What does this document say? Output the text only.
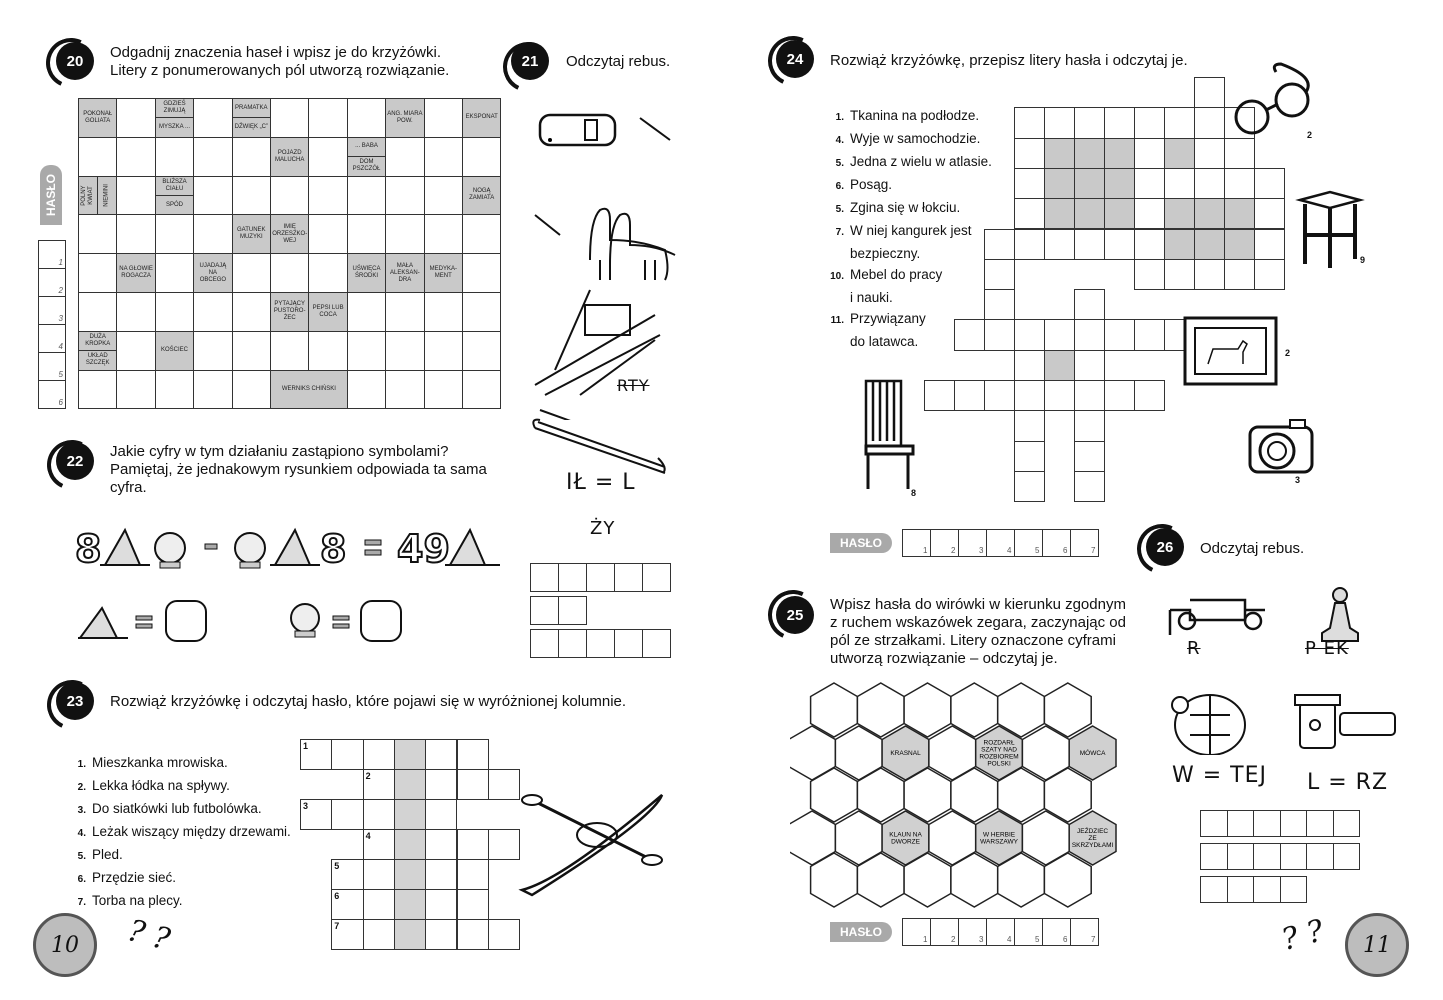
20	Odgadnij znaczenia haseł i wpisz je do krzyżówki. Litery z ponumerowanych pól utworzą rozwiązanie.
HASŁO
1
2
3
4
5
6
POKONAŁ GOLIATA
GDZIEŚ ZIMUJĄ
MYSZKA ...
PRAMATKA
DŹWIĘK „C”
ANG. MIARA POW.
EKSPONAT
POJAZD MALUCHA
... BABA
DOM PSZCZÓŁ
BLIŻSZA CIAŁU
SPÓD
POLNY KWIAT	NIEMINI	NOGĄ ZAMIATA
GATUNEK MUZYKI
IMIĘ ORZESZKO-WEJ
NA GŁOWIE ROGACZA
UJADAJĄ NA OBCEGO
UŚWIĘCA ŚRODKI
MAŁA ALEKSAN-DRA
MEDYKA-MENT
PYTAJĄCY PUSTORO-ŻEC
PEPSI LUB COCA
DUŻA KROPKA
UKŁAD SZCZĘK
KOŚCIEC
WERNIKS CHIŃSKI
21	Odczytaj rebus.
RTY
IŁ = L
ŻY
22
Jakie cyfry w tym działaniu zastąpiono symbolami? Pamiętaj, że jednakowym rysunkiem odpowiada ta sama cyfra.
8	8 49
23	Rozwiąż krzyżówkę i odczytaj hasło, które pojawi się w wyróżnionej kolumnie.
1. Mieszkanka mrowiska.
2. Lekka łódka na spływy.
3. Do siatkówki lub futbolówka.
4. Leżak wiszący między drzewami.
5. Pled.
6. Przędzie sieć.
7. Torba na plecy.
1
2
3
4
5
6
7
10	? ?
24	Rozwiąż krzyżówkę, przepisz litery hasła i odczytaj je.
1. Tkanina na podłodze.
4. Wyje w samochodzie.
5. Jedna z wielu w atlasie.
6. Posąg.
5. Zgina się w łokciu.
7. W niej kangurek jest
bezpieczny.
10. Mebel do pracy
i nauki.
11. Przywiązany
do latawca.
2
9
2
8
3
HASŁO
1	2	3	4	5	6	7
25
Wpisz hasła do wirówki w kierunku zgodnym z ruchem wskazówek zegara, zaczynając od pól ze strzałkami. Litery oznaczone cyframi utworzą rozwiązanie – odczytaj je.
KRASNAL
ROZDARŁ SZATY NAD ROZBIOREM POLSKI
MÓWCA
KLAUN NA DWORZE
W HERBIE WARSZAWY
JEŹDZIEC ZE SKRZYDŁAMI
HASŁO
1	2	3	4	5	6	7
26	Odczytaj rebus.
R	P EK
W = TEJ L = RZ
11
? ?
